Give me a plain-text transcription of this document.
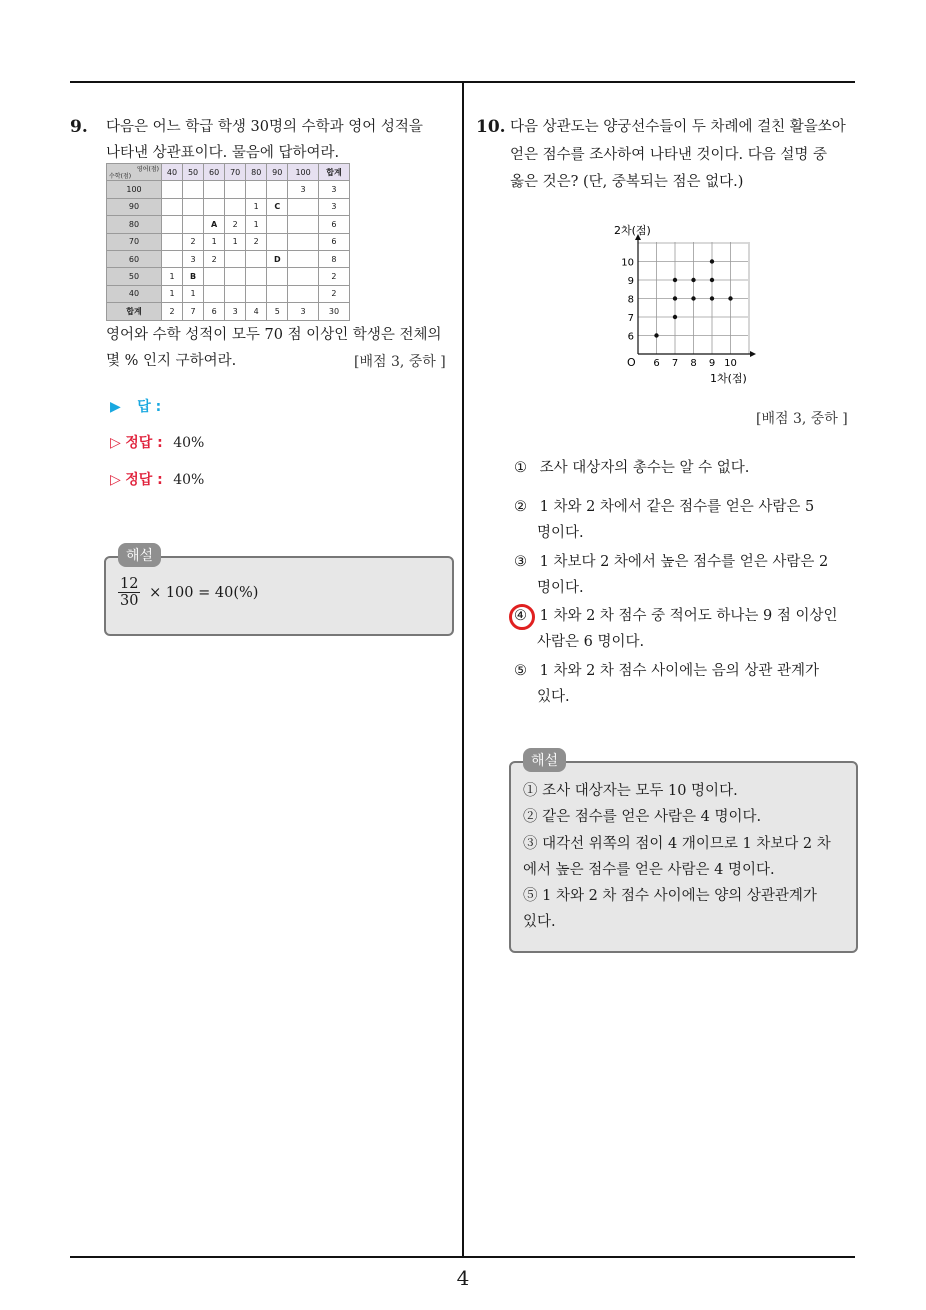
9. 다음은 어느 학급 학생 30명의 수학과 영어 성적을
나타낸 상관표이다. 물음에 답하여라.
영어(점)
수학(점)	40	50	60	70	80	90	100	합계
100							3	3
90					1	C		3
80			A	2	1			6
70		2	1	1	2			6
60		3	2			D		8
50	1	B						2
40	1	1						2
합계	2	7	6	3	4	5	3	30
영어와 수학 성적이 모두 70 점 이상인 학생은 전체의
몇 % 인지 구하여라.	[배점 3, 중하 ]
▶ 답 :
▷ 정답 : 40%
▷ 정답 : 40%
해설
$\frac{12}{30} \times 100 = 40(\%)$
10. 다음 상관도는 양궁선수들이 두 차례에 걸친 활을쏘아
얻은 점수를 조사하여 나타낸 것이다. 다음 설명 중
옳은 것은? (단, 중복되는 점은 없다.)
6 7 8 9 10
6
7
8
9
10
2차(점)
1차(점)
O
[배점 3, 중하 ]
① 조사 대상자의 총수는 알 수 없다.
② 1 차와 2 차에서 같은 점수를 얻은 사람은 5
명이다.
③ 1 차보다 2 차에서 높은 점수를 얻은 사람은 2
명이다.
④ 1 차와 2 차 점수 중 적어도 하나는 9 점 이상인
사람은 6 명이다.
⑤ 1 차와 2 차 점수 사이에는 음의 상관 관계가
있다.
해설
① 조사 대상자는 모두 10 명이다.
② 같은 점수를 얻은 사람은 4 명이다.
③ 대각선 위쪽의 점이 4 개이므로 1 차보다 2 차
에서 높은 점수를 얻은 사람은 4 명이다.
⑤ 1 차와 2 차 점수 사이에는 양의 상관관계가
있다.
4
